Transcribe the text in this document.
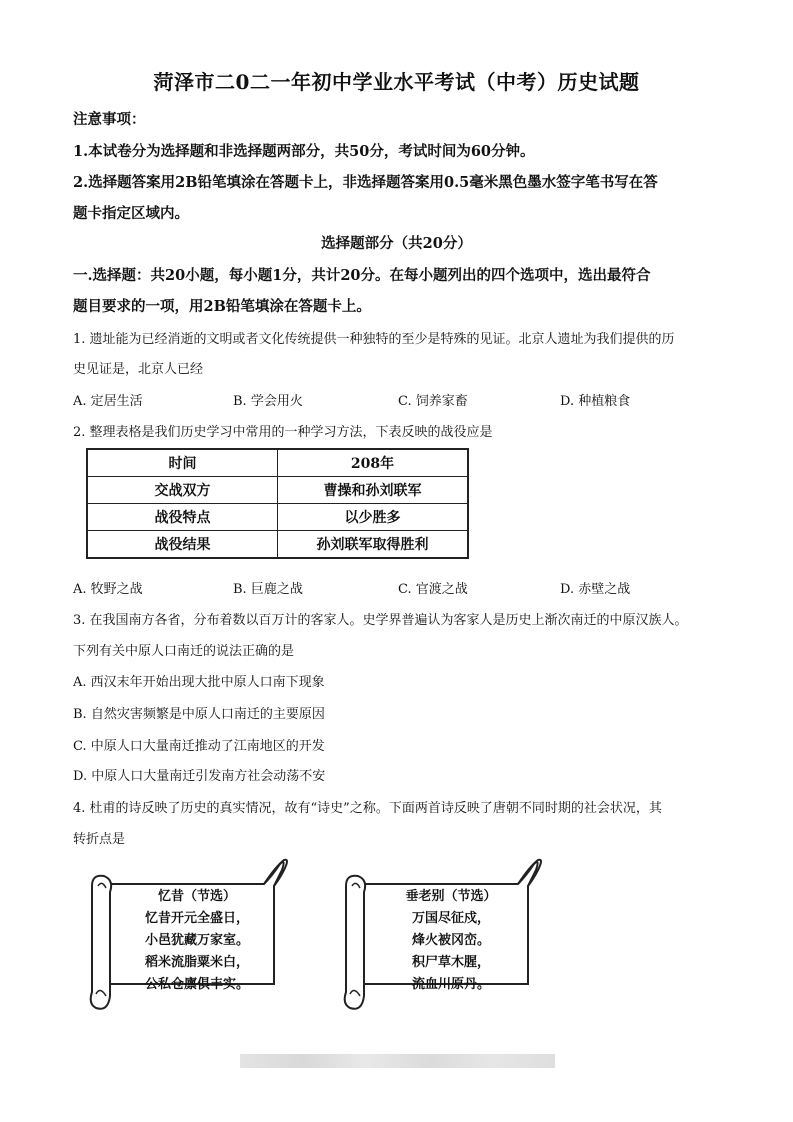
菏泽市二0二一年初中学业水平考试（中考）历史试题
注意事项：
1.本试卷分为选择题和非选择题两部分，共50分，考试时间为60分钟。
2.选择题答案用2B铅笔填涂在答题卡上，非选择题答案用0.5毫米黑色墨水签字笔书写在答
题卡指定区域内。
选择题部分（共20分）
一.选择题：共20小题，每小题1分，共计20分。在每小题列出的四个选项中，选出最符合
题目要求的一项，用2B铅笔填涂在答题卡上。
1. 遗址能为已经消逝的文明或者文化传统提供一种独特的至少是特殊的见证。北京人遗址为我们提供的历
史见证是，北京人已经
A. 定居生活	B. 学会用火	C. 饲养家畜	D. 种植粮食
2. 整理表格是我们历史学习中常用的一种学习方法，下表反映的战役应是
时间	208年
交战双方	曹操和孙刘联军
战役特点	以少胜多
战役结果	孙刘联军取得胜利
A. 牧野之战	B. 巨鹿之战	C. 官渡之战	D. 赤壁之战
3. 在我国南方各省，分布着数以百万计的客家人。史学界普遍认为客家人是历史上渐次南迁的中原汉族人。
下列有关中原人口南迁的说法正确的是
A. 西汉末年开始出现大批中原人口南下现象
B. 自然灾害频繁是中原人口南迁的主要原因
C. 中原人口大量南迁推动了江南地区的开发
D. 中原人口大量南迁引发南方社会动荡不安
4. 杜甫的诗反映了历史的真实情况，故有“诗史”之称。下面两首诗反映了唐朝不同时期的社会状况，其
转折点是
忆昔（节选）
忆昔开元全盛日，
小邑犹藏万家室。
稻米流脂粟米白，
公私仓廪俱丰实。
垂老别（节选）
万国尽征戍，
烽火被冈峦。
积尸草木腥，
流血川原丹。
